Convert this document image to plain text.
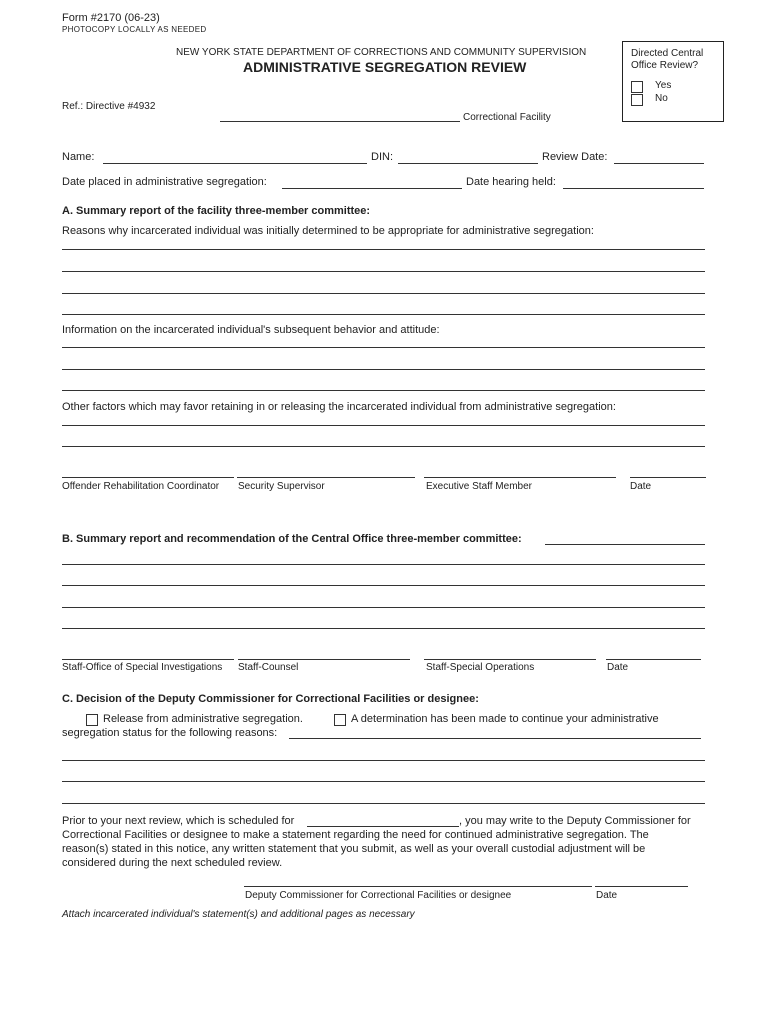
Form #2170 (06-23)
PHOTOCOPY LOCALLY AS NEEDED
NEW YORK STATE DEPARTMENT OF CORRECTIONS AND COMMUNITY SUPERVISION
ADMINISTRATIVE SEGREGATION REVIEW
Ref.: Directive #4932
Correctional Facility
Directed Central
Office Review?
Yes
No
Name:	DIN:	Review Date:
Date placed in administrative segregation:	Date hearing held:
A. Summary report of the facility three-member committee:
Reasons why incarcerated individual was initially determined to be appropriate for administrative segregation:
Information on the incarcerated individual's subsequent behavior and attitude:
Other factors which may favor retaining in or releasing the incarcerated individual from administrative segregation:
Offender Rehabilitation Coordinator Security Supervisor	Executive Staff Member	Date
B. Summary report and recommendation of the Central Office three-member committee:
Staff-Office of Special Investigations Staff-Counsel	Staff-Special Operations	Date
C. Decision of the Deputy Commissioner for Correctional Facilities or designee:
Release from administrative segregation.	A determination has been made to continue your administrative
segregation status for the following reasons:
Prior to your next review, which is scheduled for	, you may write to the Deputy Commissioner for
Correctional Facilities or designee to make a statement regarding the need for continued administrative segregation. The
reason(s) stated in this notice, any written statement that you submit, as well as your overall custodial adjustment will be
considered during the next scheduled review.
Deputy Commissioner for Correctional Facilities or designee	Date
Attach incarcerated individual's statement(s) and additional pages as necessary
